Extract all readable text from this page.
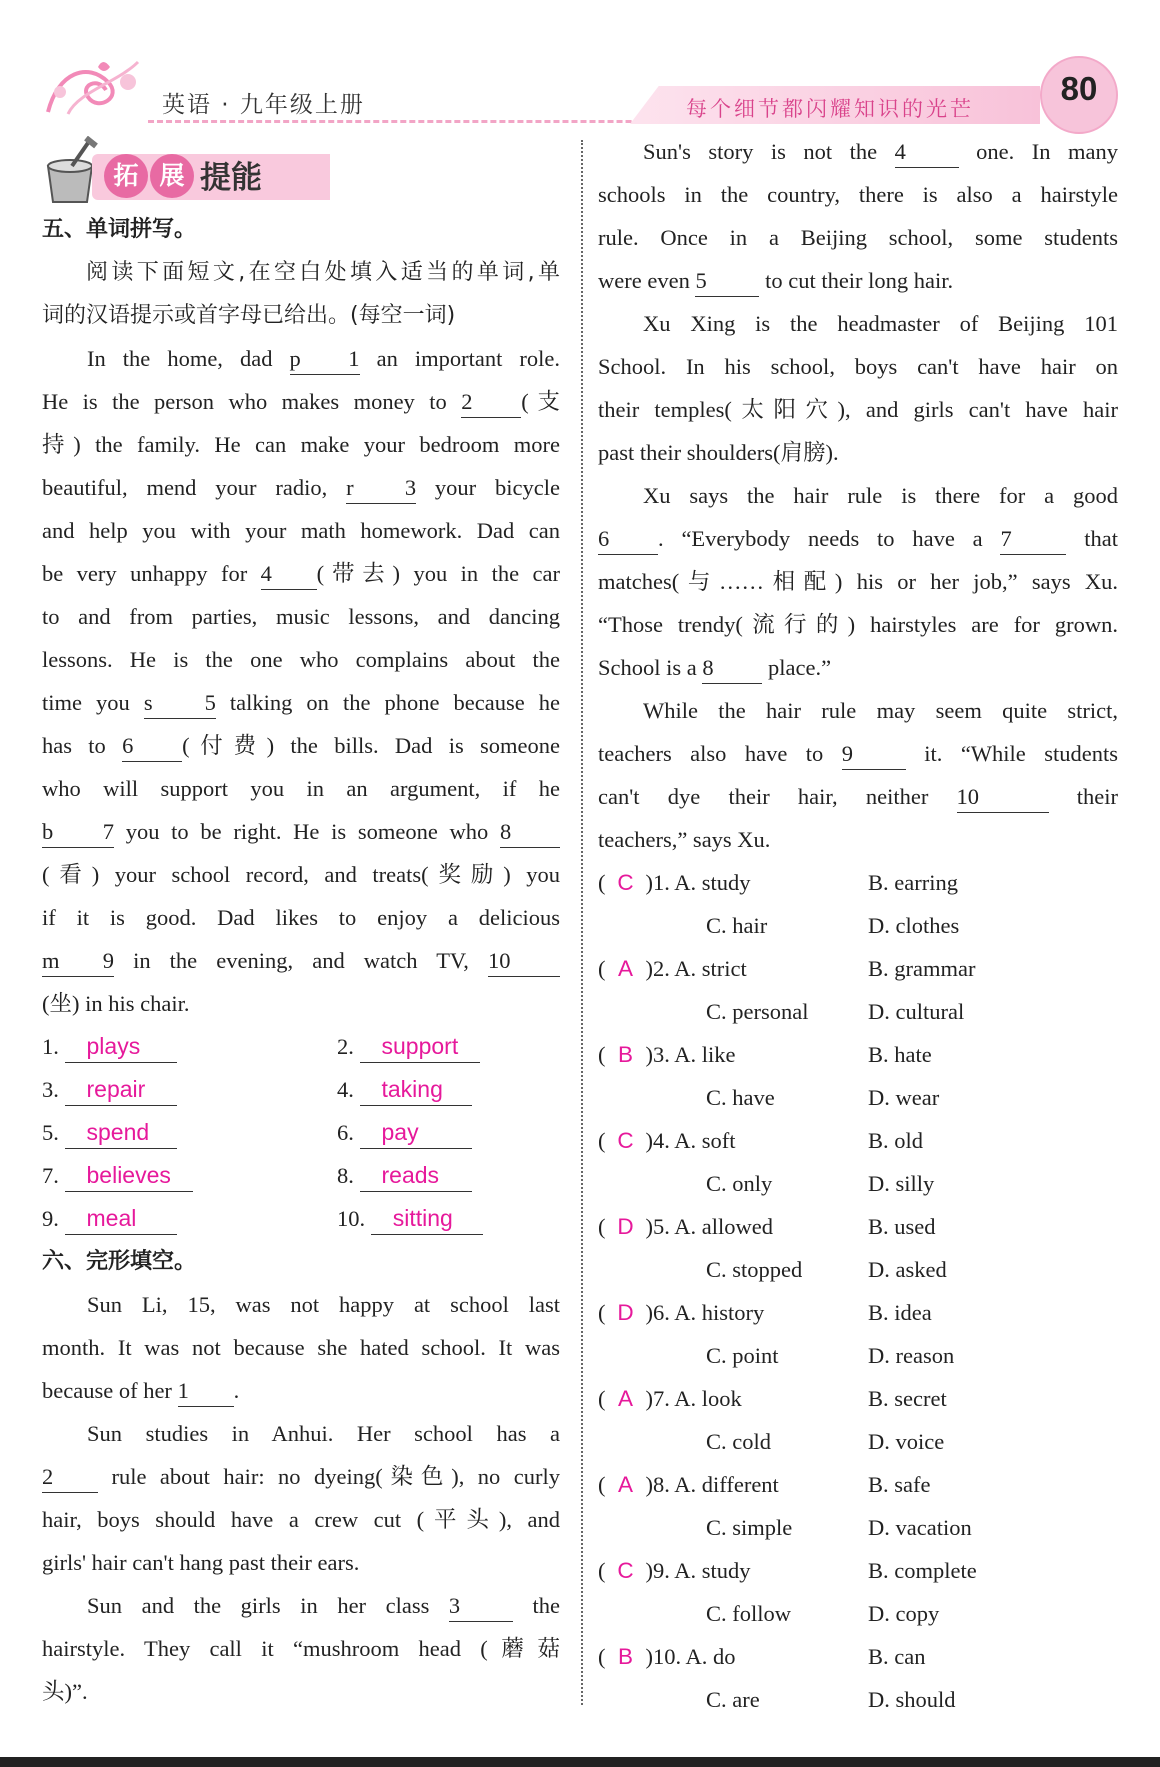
英语 · 九年级上册	每个细节都闪耀知识的光芒
80
拓 展 提能

五、单词拼写。

阅读下面短文,在空白处填入适当的单词,单

词的汉语提示或首字母已给出。(每空一词)

In the home, dad p 1 an important role.

He is the person who makes money to 2 (支

持) the family. He can make your bedroom more

beautiful, mend your radio, r 3 your bicycle

and help you with your math homework. Dad can

be very unhappy for 4 (带去) you in the car

to and from parties, music lessons, and dancing

lessons. He is the one who complains about the

time you s 5 talking on the phone because he

has to 6 (付费) the bills. Dad is someone

who will support you in an argument, if he

b 7 you to be right. He is someone who 8

(看) your school record, and treats(奖励) you

if it is good. Dad likes to enjoy a delicious

m 9 in the evening, and watch TV, 10

(坐) in his chair.

1. plays	2. support
3. repair	4. taking
5. spend	6. pay
7. believes	8. reads
9. meal	10. sitting

六、完形填空。

Sun Li, 15, was not happy at school last

month. It was not because she hated school. It was

because of her 1 .

Sun studies in Anhui. Her school has a

2 rule about hair: no dyeing(染色), no curly

hair, boys should have a crew cut (平头), and

girls' hair can't hang past their ears.

Sun and the girls in her class 3 the

hairstyle. They call it “mushroom head (蘑菇

头)”.

Sun's story is not the 4 one. In many

schools in the country, there is also a hairstyle

rule. Once in a Beijing school, some students

were even 5 to cut their long hair.

Xu Xing is the headmaster of Beijing 101

School. In his school, boys can't have hair on

their temples(太阳穴), and girls can't have hair

past their shoulders(肩膀).

Xu says the hair rule is there for a good

6 . “Everybody needs to have a 7 that

matches(与……相配) his or her job,” says Xu.

“Those trendy(流行的) hairstyles are for grown.

School is a 8 place.”

While the hair rule may seem quite strict,

teachers also have to 9 it. “While students

can't dye their hair, neither 10	their

teachers,” says Xu.

( C )1. A. study	B. earring
C. hair	D. clothes
( A )2. A. strict	B. grammar
C. personal	D. cultural
( B )3. A. like	B. hate
C. have	D. wear
( C )4. A. soft	B. old
C. only	D. silly
( D )5. A. allowed	B. used
C. stopped	D. asked
( D )6. A. history	B. idea
C. point	D. reason
( A )7. A. look	B. secret
C. cold	D. voice
( A )8. A. different	B. safe
C. simple	D. vacation
( C )9. A. study	B. complete
C. follow	D. copy
( B )10. A. do	B. can
C. are	D. should
